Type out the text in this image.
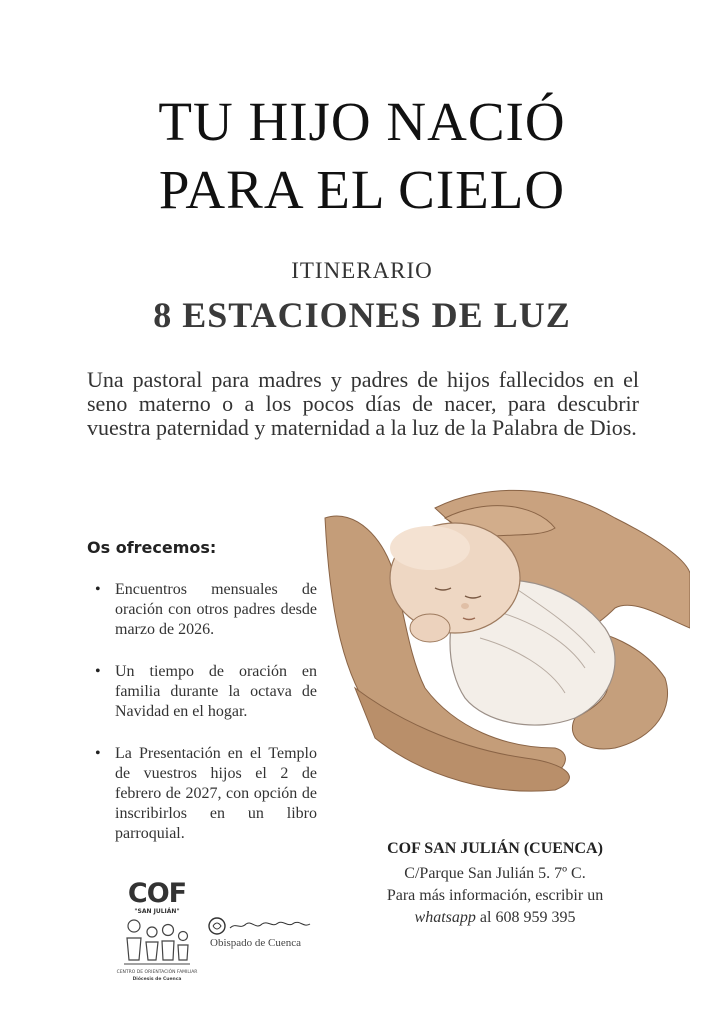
TU HIJO NACIÓ
PARA EL CIELO
ITINERARIO
8 ESTACIONES DE LUZ

Una pastoral para madres y padres de hijos fallecidos en el seno materno o a los pocos días de nacer, para descubrir vuestra paternidad y maternidad a la luz de la Palabra de Dios.

Os ofrecemos:
• Encuentros mensuales de oración con otros padres desde marzo de 2026.
• Un tiempo de oración en familia durante la octava de Navidad en el hogar.
• La Presentación en el Templo de vuestros hijos el 2 de febrero de 2027, con opción de inscribirlos en un libro parroquial.
COF SAN JULIÁN (CUENCA)
C/Parque San Julián 5. 7º C.
Para más información, escribir un
whatsapp al 608 959 395
COF
"SAN JULIÁN"
CENTRO DE ORIENTACIÓN FAMILIAR
Diócesis de Cuenca
Obispado de Cuenca
